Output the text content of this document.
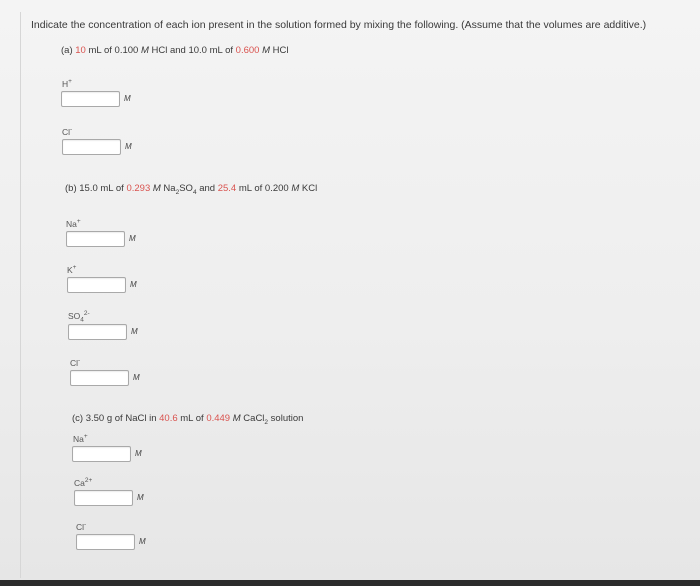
Indicate the concentration of each ion present in the solution formed by mixing the following. (Assume that the volumes are additive.)
(a) 10 mL of 0.100 M HCl and 10.0 mL of 0.600 M HCl
H+
M
Cl-
M
(b) 15.0 mL of 0.293 M $Na_2SO_4$ and 25.4 mL of 0.200 M KCl
Na+
M
K+
M
$SO_4^{2-}$
M
Cl-
M
(c) 3.50 g of NaCl in 40.6 mL of 0.449 M CaCl$_2$ solution
Na+
M
$Ca^{2+}$
M
Cl-
M
